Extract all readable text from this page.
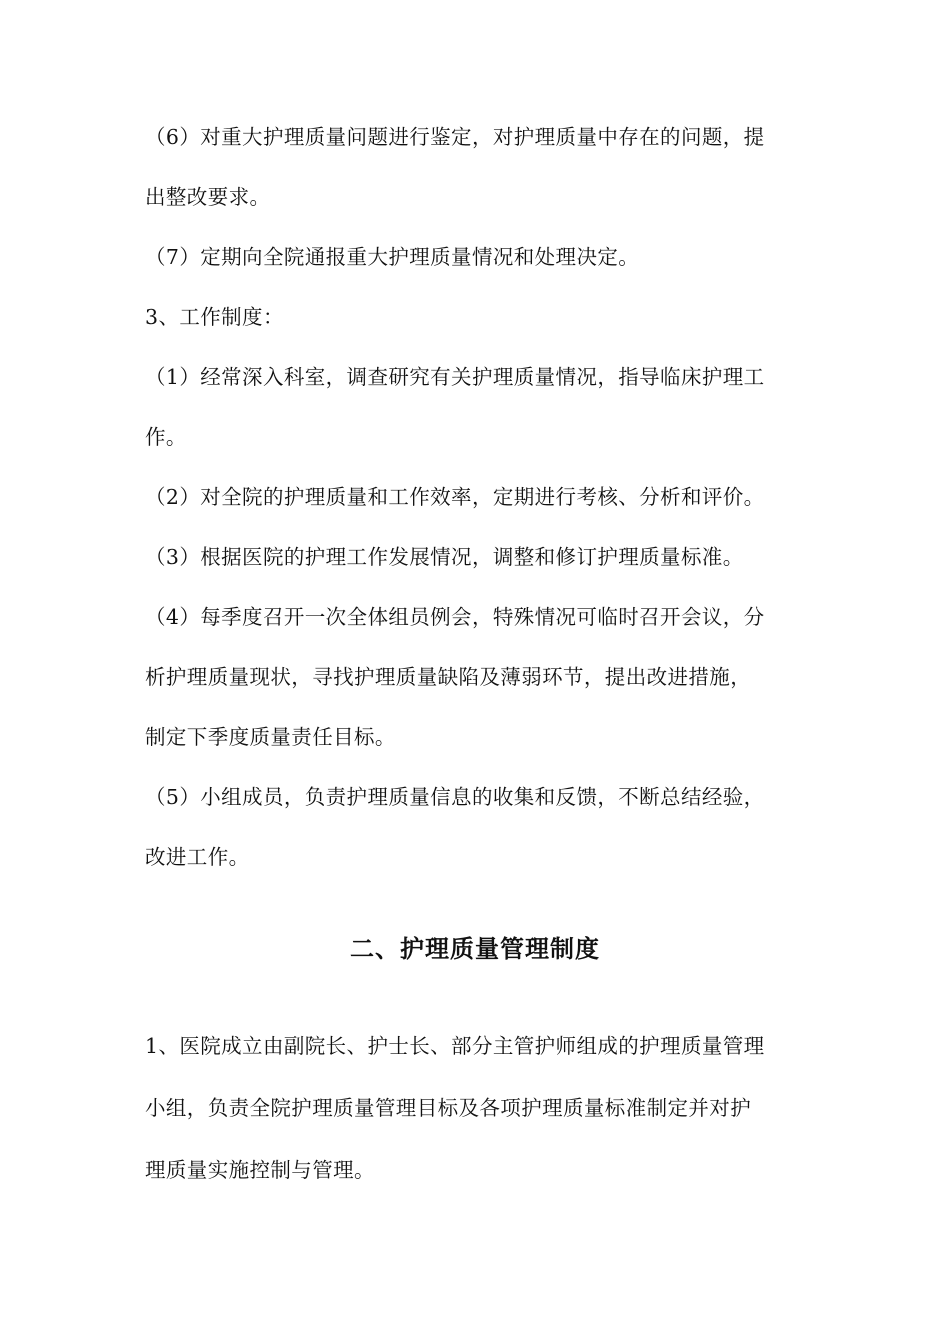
（6）对重大护理质量问题进行鉴定，对护理质量中存在的问题，提
出整改要求。
（7）定期向全院通报重大护理质量情况和处理决定。
3、工作制度：
（1）经常深入科室，调查研究有关护理质量情况，指导临床护理工
作。
（2）对全院的护理质量和工作效率，定期进行考核、分析和评价。
（3）根据医院的护理工作发展情况，调整和修订护理质量标准。
（4）每季度召开一次全体组员例会，特殊情况可临时召开会议，分
析护理质量现状，寻找护理质量缺陷及薄弱环节，提出改进措施，
制定下季度质量责任目标。
（5）小组成员，负责护理质量信息的收集和反馈，不断总结经验，
改进工作。
二、护理质量管理制度
1、医院成立由副院长、护士长、部分主管护师组成的护理质量管理
小组，负责全院护理质量管理目标及各项护理质量标准制定并对护
理质量实施控制与管理。
